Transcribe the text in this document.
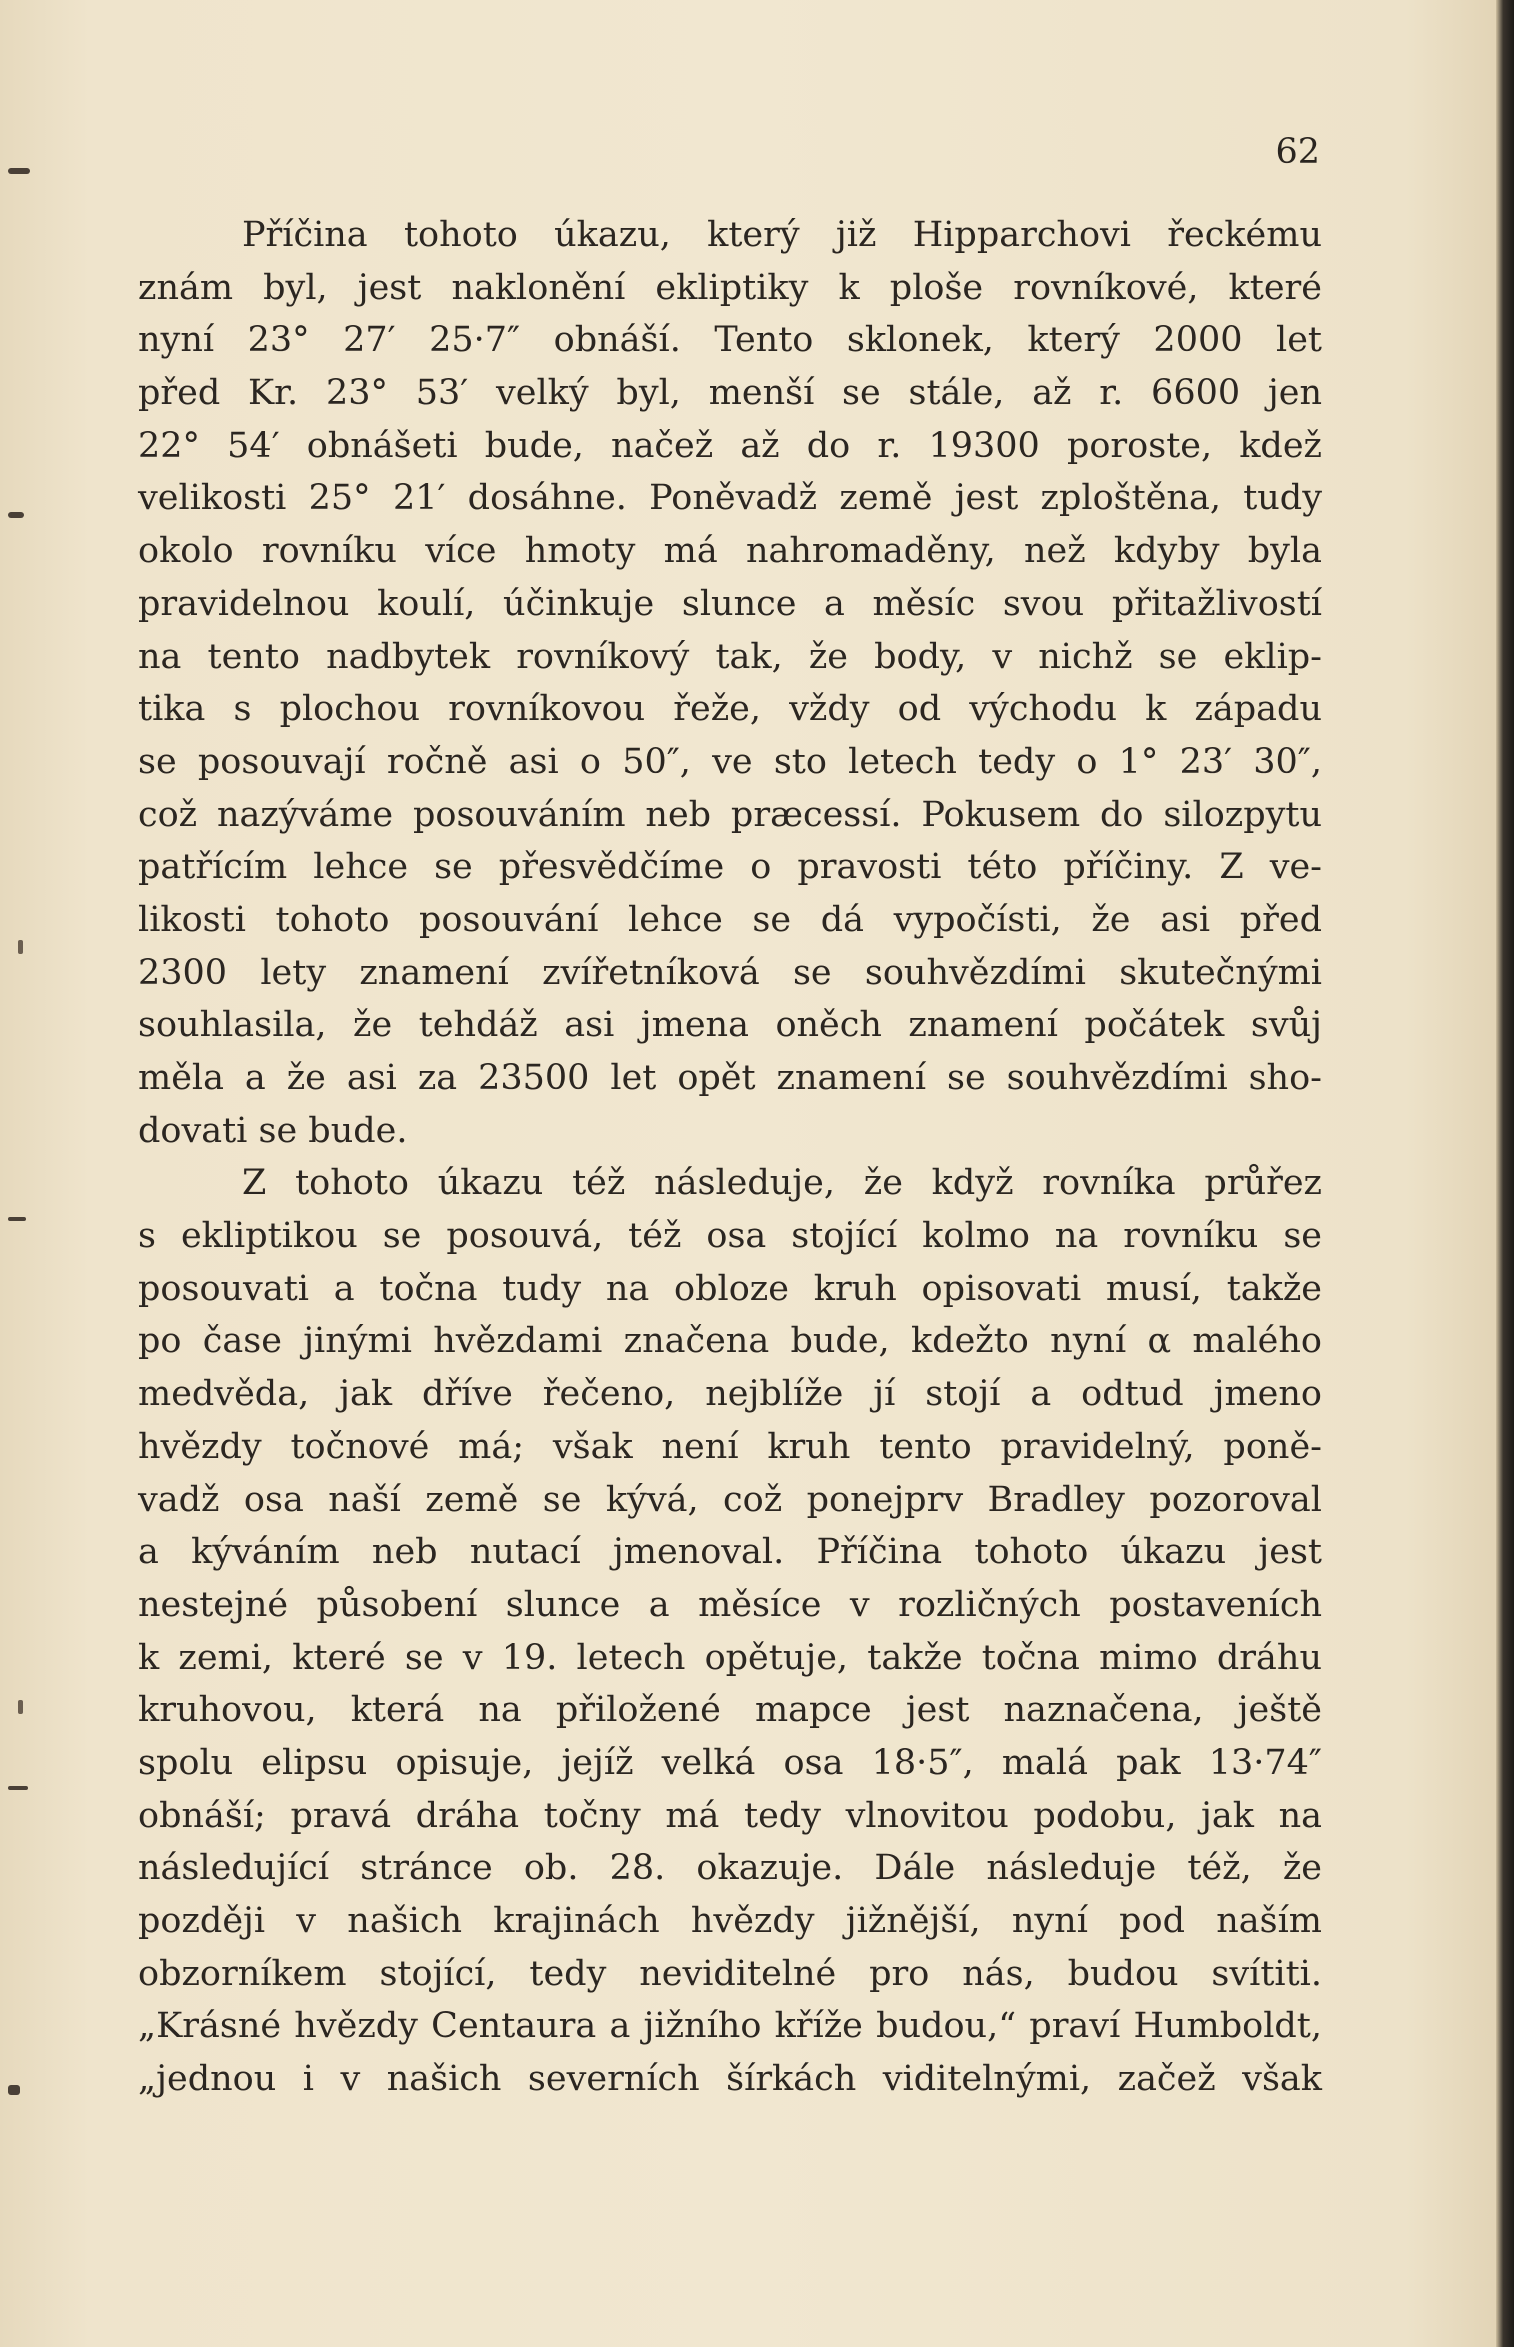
62
Příčina tohoto úkazu, který již Hipparchovi řeckému
znám byl, jest naklonění ekliptiky k ploše rovníkové, které
nyní 23° 27′ 25·7″ obnáší. Tento sklonek, který 2000 let
před Kr. 23° 53′ velký byl, menší se stále, až r. 6600 jen
22° 54′ obnášeti bude, načež až do r. 19300 poroste, kdež
velikosti 25° 21′ dosáhne. Poněvadž země jest zploštěna, tudy
okolo rovníku více hmoty má nahromaděny, než kdyby byla
pravidelnou koulí, účinkuje slunce a měsíc svou přitažlivostí
na tento nadbytek rovníkový tak, že body, v nichž se eklip-
tika s plochou rovníkovou řeže, vždy od východu k západu
se posouvají ročně asi o 50″, ve sto letech tedy o 1° 23′ 30″,
což nazýváme posouváním neb præcessí. Pokusem do silozpytu
patřícím lehce se přesvědčíme o pravosti této příčiny. Z ve-
likosti tohoto posouvání lehce se dá vypočísti, že asi před
2300 lety znamení zvířetníková se souhvězdími skutečnými
souhlasila, že tehdáž asi jmena oněch znamení počátek svůj
měla a že asi za 23500 let opět znamení se souhvězdími sho-
dovati se bude.
Z tohoto úkazu též následuje, že když rovníka průřez
s ekliptikou se posouvá, též osa stojící kolmo na rovníku se
posouvati a točna tudy na obloze kruh opisovati musí, takže
po čase jinými hvězdami značena bude, kdežto nyní α malého
medvěda, jak dříve řečeno, nejblíže jí stojí a odtud jmeno
hvězdy točnové má; však není kruh tento pravidelný, poně-
vadž osa naší země se kývá, což ponejprv Bradley pozoroval
a kýváním neb nutací jmenoval. Příčina tohoto úkazu jest
nestejné působení slunce a měsíce v rozličných postaveních
k zemi, které se v 19. letech opětuje, takže točna mimo dráhu
kruhovou, která na přiložené mapce jest naznačena, ještě
spolu elipsu opisuje, jejíž velká osa 18·5″, malá pak 13·74″
obnáší; pravá dráha točny má tedy vlnovitou podobu, jak na
následující stránce ob. 28. okazuje. Dále následuje též, že
později v našich krajinách hvězdy jižnější, nyní pod naším
obzorníkem stojící, tedy neviditelné pro nás, budou svítiti.
„Krásné hvězdy Centaura a jižního kříže budou,“ praví Humboldt,
„jednou i v našich severních šírkách viditelnými, začež však
